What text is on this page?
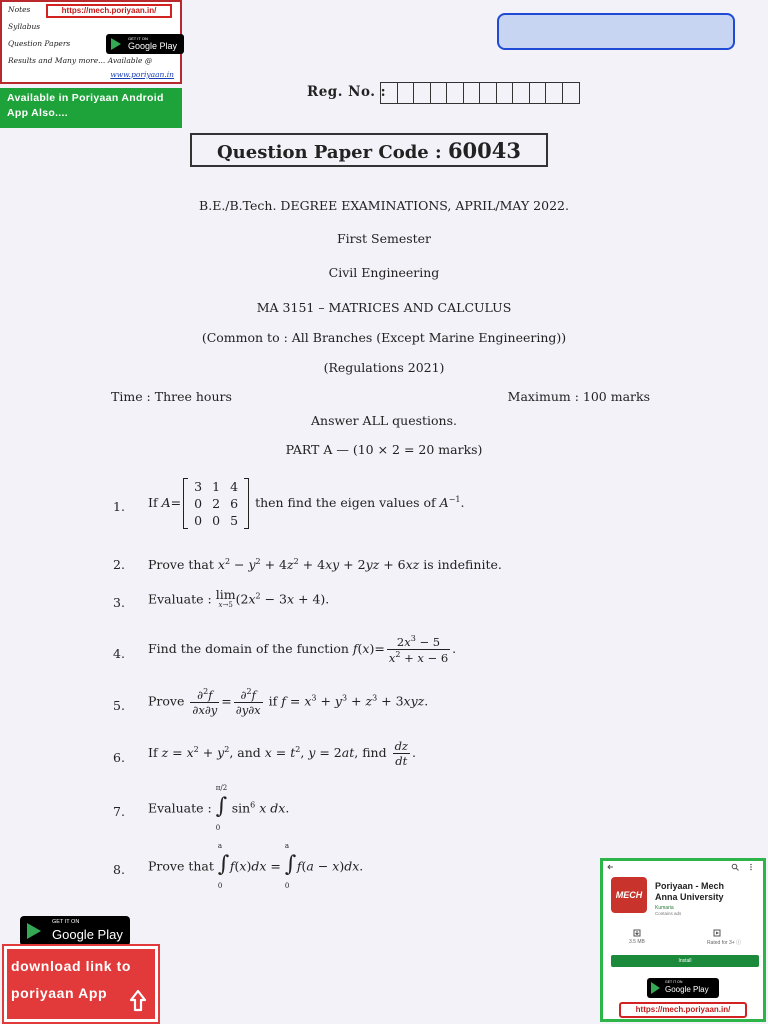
Notes	https://mech.poriyaan.in/
Syllabus
Question Papers
GET IT ON
Google Play
Results and Many more... Available @
www.poriyaan.in
Available in Poriyaan Android App Also....
Reg. No. :
Question Paper Code : 60043
B.E./B.Tech. DEGREE EXAMINATIONS, APRIL/MAY 2022.
First Semester
Civil Engineering
MA 3151 – MATRICES AND CALCULUS
(Common to : All Branches (Except Marine Engineering))
(Regulations 2021)
Time : Three hours	Maximum : 100 marks
Answer ALL questions.
PART A — (10 × 2 = 20 marks)
1. If A=
3	1	4
0	2	6
0	0	5
then find the eigen values of $A^{-1}$.
2. Prove that $x^2 - y^2 + 4z^2 + 4xy + 2yz + 6xz$ is indefinite.
3. Evaluate : lim
x→5 $(2x^2 - 3x + 4)$.
4. Find the domain of the function $f(x)= \frac{2x^3 - 5}{x^2 + x - 6}$ .
5. Prove $\frac{\partial^2f}{\partial x\partial y} = \frac{\partial^2f}{\partial y\partial x}$ if $f = x^3 + y^3 + z^3 + 3xyz$.
6. If $z = x^2 + y^2$, and $x = t^2$, y = 2at, find $\frac{dz}{dt}$ .
7. Evaluate :
π/2
∫
0
$\sin^6 x$ dx.
8. Prove that
a
∫
0
f(x)dx =
a
∫
0
f(a − x)dx.
GET IT ON
Google Play
download link to poriyaan App
MECH
Poriyaan - Mech
Anna University
Kumaria
Contains ads
3.5 MB	Rated for 3+ ⓘ
Install
GET IT ON
Google Play
https://mech.poriyaan.in/
